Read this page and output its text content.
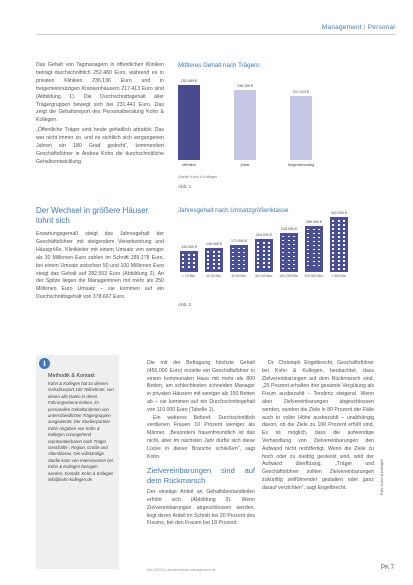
Management | Personal

Das Gehalt von Tagmanagern in öffentlichen Kliniken beträgt durchschnittlich 252.480 Euro, während es in privaten Kliniken 236.196 Euro und in freigemeinnützigen Krankenhäusern 217.413 Euro sind (Abbildung 1). Die Durchschnittsgehalt aller Trägergruppen bewegt sich bei 231.441 Euro. Das zeigt die Gehaltsreport des Personalberatung Kohn & Kollegen.

„Öffentliche Träger sind heute gehaltlich attraktiv. Das war nicht immer so, und es sichtlich sich vergangenen Jahren ein 180 Grad gedreht“, kommentiert Geschäftsführer in Andrea Kohn die durchschnittliche Gehaltsentwicklung.

Mittleres Gehalt nach Trägern
252.480 €
öffentlich
236.196 €
privat
217.413 €
freigemeinnützig
Quelle: Kohn & Kollegen
Abb. 1
Der Wechsel in größere Häuser lohnt sich
Erwartungsgemäß steigt das Jahresgehalt der Geschäftsführer mit steigendem Verantwortung und Häusgröße. Klinikleiter mit einem Umsatz von weniger als 30 Millionen Euro zahlen im Schnitt 189.178 Euro, bei einem Umsatz zwischen 50 und 100 Millionen Euro steigt das Gehalt auf 282.553 Euro (Abbildung 2). An der Spitze liegen die Managerinnen mit mehr als 250 Millionen Euro Umsatz – sie kommen auf ein Durchschnittsgehalt von 378.667 Euro.
Jahresgehalt nach Umsatzgrößenklasse
130.000 €
< 10 Mio.
148.000 €
10-30 Mio.
171.000 €
30-50 Mio.
204.000 €
50-100 Mio.
245.000 €
100-200 Mio.
289.000 €
200-500 Mio.
342.000 €
> 500 Mio.
Abb. 2
i
Methodik & Kontakt
Kohn & Kollegen hat zu diesem Gehaltsreport 160 Teilnehmer, von denen alle Daten in deren Führungsebene lenken, im personellen Gehaltsrahmen von unterschiedlichen Trägergruppen ausgewertet. Der Studienpartner Kohn Angaben von Kohn & Kollegen vorangehend repräsentierbaren nach Träger, Geschäfts-, Region, Größe und Altersklasse. Die vollständige Studie kann von Interessenten bei Kohn & Kollegen bezogen werden. Kontakt: Kohn & Kollegen info@kohn-kollegen.de

Die mit der Befragung höchste Gehalt (450.000 Euro) erzielte ein Geschäftsführer in einem kommunalen Haus mit mehr als 800 Betten, am schlechtesten schneiden Manager in privaten Häusern mit weniger als 150 Betten ab – sie kommen auf ein Durchschnittsgehalt von 110.000 Euro (Tabelle 1).

Ein weiteres Befund: Durchschnittlich verdienen Frauen 10 Prozent weniger als Männer. „Besonders frauenfreundlich ist das nicht, aber im nächsten Jahr dürfte sich diese Lücke in dieser Branche schließen“, sagt Kohn.

Zielvereinbarungen sind auf dem Rückmarsch

Der einstige Anteil an Gehaltsbestandteilen erhöht sich (Abbildung 3). Wenn Zielvereinbarungen abgeschlossen werden, liegt deren Anteil im Schnitt bei 20 Prozent des Fixums, bei den Frauen bei 18 Prozent.

Dr. Christoph Engelbrecht, Geschäftsführer bei Kohn & Kollegen, beobachtet, dass Zielvereinbarungen auf dem Rückmarsch sind. „25 Prozent erhalten ihre gesamte Vergütung als Fixum ausbezahlt – Tendenz steigend. Wenn aber Zielvereinbarungen abgeschlossen werden, wurden die Ziele in 80 Prozent der Fälle auch in voller Höhe ausbezahlt – unabhängig davon, ob die Ziele zu 100 Prozent erfüllt sind. Es ist möglich, dass die aufwendige Verhandlung von Zielvereinbarungen den Aufwand nicht rechtfertigt. Wenn die Ziele zu hoch oder zu niedrig gesteckt sind, wird der Aufwand überflüssig, „Träger und Geschäftsführer sollten Zielvereinbarungen zukünftig zielführender gestalten oder ganz darauf verzichten“, sagt Engelbrecht.	Foto: Kohn & Kollegen
f&w 6/2014 | krankenhaus-management.de	PK 7
